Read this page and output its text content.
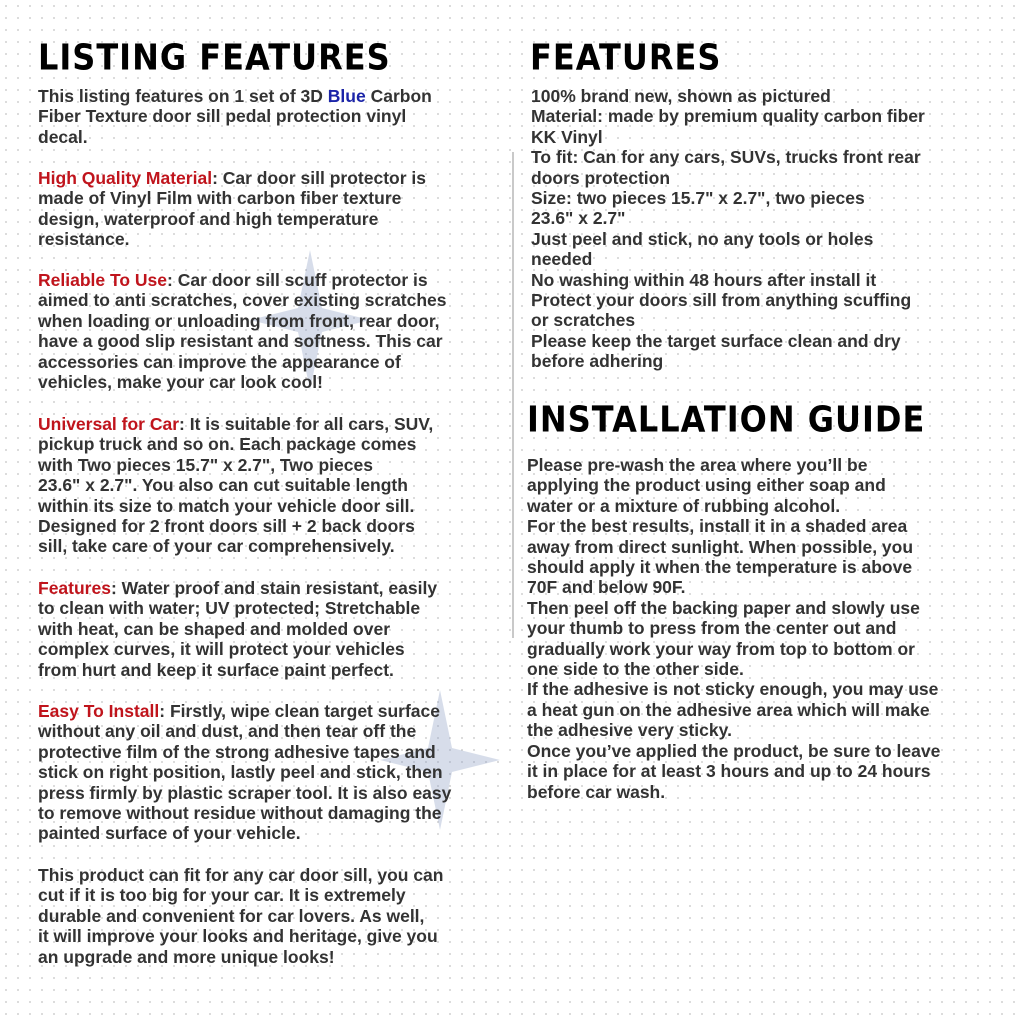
LISTING FEATURES

This listing features on 1 set of 3D Blue Carbon
Fiber Texture door sill pedal protection vinyl
decal.

High Quality Material: Car door sill protector is
made of Vinyl Film with carbon fiber texture
design, waterproof and high temperature
resistance.

Reliable To Use: Car door sill scuff protector is
aimed to anti scratches, cover existing scratches
when loading or unloading from front, rear door,
have a good slip resistant and softness. This car
accessories can improve the appearance of
vehicles, make your car look cool!

Universal for Car: It is suitable for all cars, SUV,
pickup truck and so on. Each package comes
with Two pieces 15.7" x 2.7", Two pieces
23.6" x 2.7". You also can cut suitable length
within its size to match your vehicle door sill.
Designed for 2 front doors sill + 2 back doors
sill, take care of your car comprehensively.

Features: Water proof and stain resistant, easily
to clean with water; UV protected; Stretchable
with heat, can be shaped and molded over
complex curves, it will protect your vehicles
from hurt and keep it surface paint perfect.

Easy To Install: Firstly, wipe clean target surface
without any oil and dust, and then tear off the
protective film of the strong adhesive tapes and
stick on right position, lastly peel and stick, then
press firmly by plastic scraper tool. It is also easy
to remove without residue without damaging the
painted surface of your vehicle.

This product can fit for any car door sill, you can
cut if it is too big for your car. It is extremely
durable and convenient for car lovers. As well,
it will improve your looks and heritage, give you
an upgrade and more unique looks!

FEATURES

100% brand new, shown as pictured

Material: made by premium quality carbon fiber
KK Vinyl

To fit: Can for any cars, SUVs, trucks front rear
doors protection

Size: two pieces 15.7" x 2.7", two pieces
23.6" x 2.7"

Just peel and stick, no any tools or holes
needed

No washing within 48 hours after install it

Protect your doors sill from anything scuffing
or scratches

Please keep the target surface clean and dry
before adhering

INSTALLATION GUIDE

Please pre-wash the area where you’ll be
applying the product using either soap and
water or a mixture of rubbing alcohol.

For the best results, install it in a shaded area
away from direct sunlight. When possible, you
should apply it when the temperature is above
70F and below 90F.

Then peel off the backing paper and slowly use
your thumb to press from the center out and
gradually work your way from top to bottom or
one side to the other side.

If the adhesive is not sticky enough, you may use
a heat gun on the adhesive area which will make
the adhesive very sticky.

Once you’ve applied the product, be sure to leave
it in place for at least 3 hours and up to 24 hours
before car wash.
